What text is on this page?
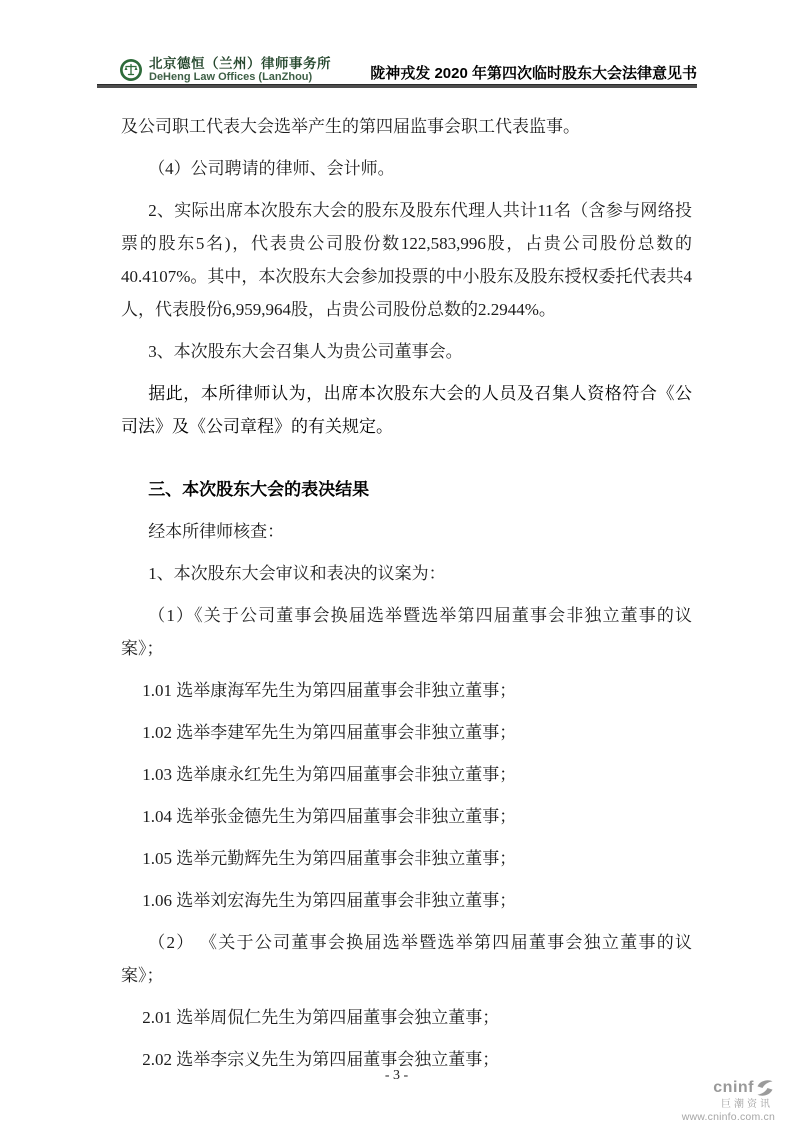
北京德恒（兰州）律师事务所
DeHeng Law Offices (LanZhou)	陇神戎发 2020 年第四次临时股东大会法律意见书

及公司职工代表大会选举产生的第四届监事会职工代表监事。

（4）公司聘请的律师、会计师。

2、实际出席本次股东大会的股东及股东代理人共计11名（含参与网络投票的股东5名)，代表贵公司股份数122,583,996股，占贵公司股份总数的40.4107%。其中，本次股东大会参加投票的中小股东及股东授权委托代表共4人，代表股份6,959,964股，占贵公司股份总数的2.2944%。

3、本次股东大会召集人为贵公司董事会。

据此，本所律师认为，出席本次股东大会的人员及召集人资格符合《公司法》及《公司章程》的有关规定。

三、本次股东大会的表决结果

经本所律师核查：

1、本次股东大会审议和表决的议案为：

（1）《关于公司董事会换届选举暨选举第四届董事会非独立董事的议案》；

1.01 选举康海军先生为第四届董事会非独立董事；

1.02 选举李建军先生为第四届董事会非独立董事；

1.03 选举康永红先生为第四届董事会非独立董事；

1.04 选举张金德先生为第四届董事会非独立董事；

1.05 选举元勤辉先生为第四届董事会非独立董事；

1.06 选举刘宏海先生为第四届董事会非独立董事；

（2） 《关于公司董事会换届选举暨选举第四届董事会独立董事的议案》；

2.01 选举周侃仁先生为第四届董事会独立董事；

2.02 选举李宗义先生为第四届董事会独立董事；

- 3 -
cninf
巨潮资讯
www.cninfo.com.cn
